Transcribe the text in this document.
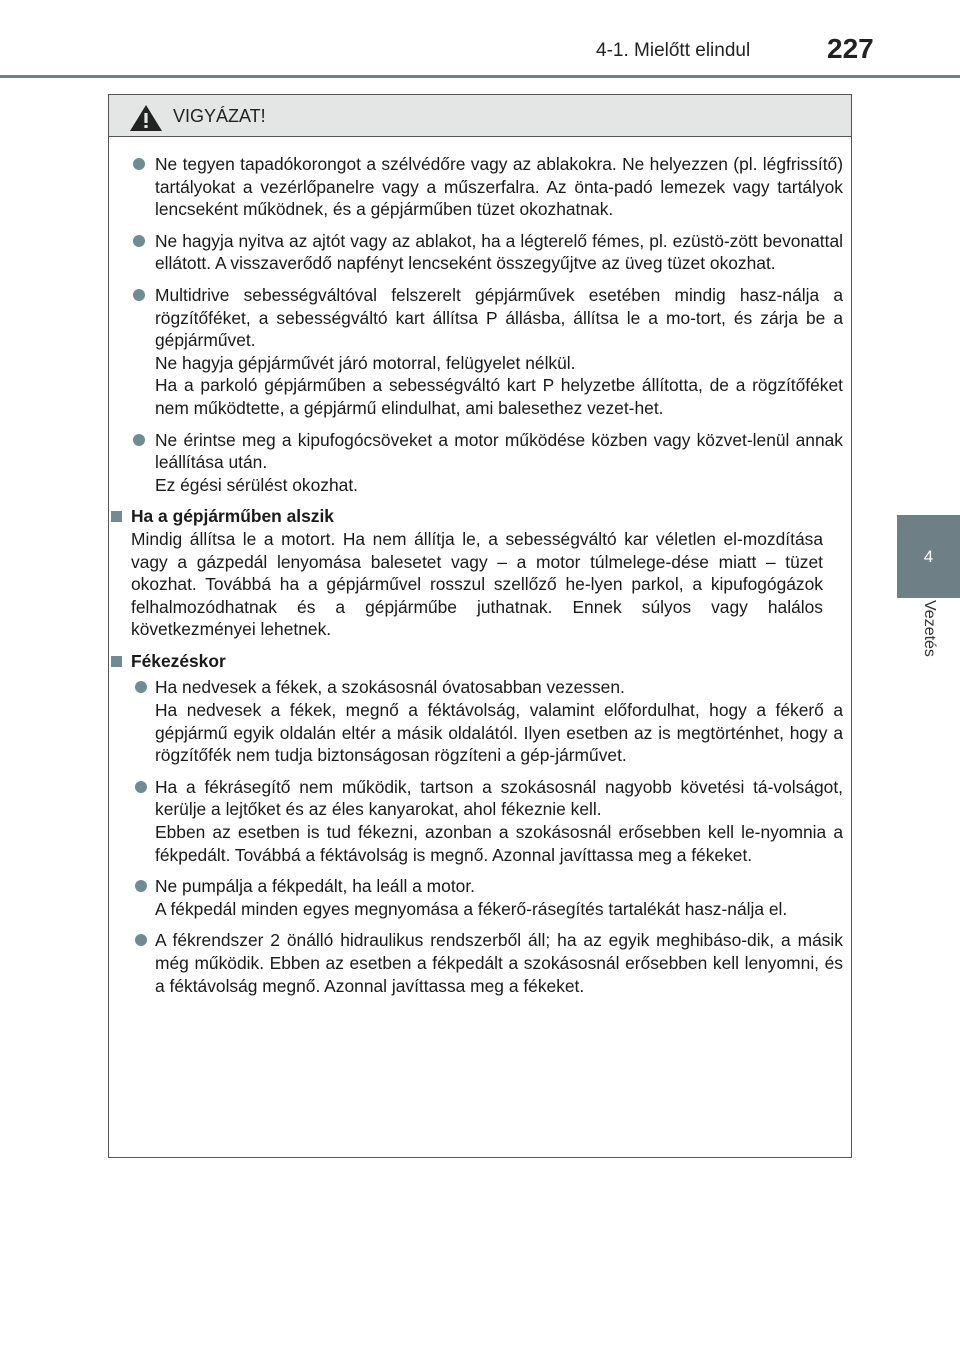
4-1. Mielőtt elindul	227
4
Vezetés
VIGYÁZAT!

Ne tegyen tapadókorongot a szélvédőre vagy az ablakokra. Ne helyezzen (pl. légfrissítő) tartályokat a vezérlőpanelre vagy a műszerfalra. Az önta-padó lemezek vagy tartályok lencseként működnek, és a gépjárműben tüzet okozhatnak.

Ne hagyja nyitva az ajtót vagy az ablakot, ha a légterelő fémes, pl. ezüstö-zött bevonattal ellátott. A visszaverődő napfényt lencseként összegyűjtve az üveg tüzet okozhat.

Multidrive sebességváltóval felszerelt gépjárművek esetében mindig hasz-nálja a rögzítőféket, a sebességváltó kart állítsa P állásba, állítsa le a mo-tort, és zárja be a gépjárművet.

Ne hagyja gépjárművét járó motorral, felügyelet nélkül.

Ha a parkoló gépjárműben a sebességváltó kart P helyzetbe állította, de a rögzítőféket nem működtette, a gépjármű elindulhat, ami balesethez vezet-het.

Ne érintse meg a kipufogócsöveket a motor működése közben vagy közvet-lenül annak leállítása után.

Ez égési sérülést okozhat.

Ha a gépjárműben alszik

Mindig állítsa le a motort. Ha nem állítja le, a sebességváltó kar véletlen el-mozdítása vagy a gázpedál lenyomása balesetet vagy – a motor túlmelege-dése miatt – tüzet okozhat. Továbbá ha a gépjárművel rosszul szellőző he-lyen parkol, a kipufogógázok felhalmozódhatnak és a gépjárműbe juthatnak. Ennek súlyos vagy halálos következményei lehetnek.

Fékezéskor

Ha nedvesek a fékek, a szokásosnál óvatosabban vezessen.

Ha nedvesek a fékek, megnő a féktávolság, valamint előfordulhat, hogy a fékerő a gépjármű egyik oldalán eltér a másik oldalától. Ilyen esetben az is megtörténhet, hogy a rögzítőfék nem tudja biztonságosan rögzíteni a gép-járművet.

Ha a fékrásegítő nem működik, tartson a szokásosnál nagyobb követési tá-volságot, kerülje a lejtőket és az éles kanyarokat, ahol fékeznie kell.

Ebben az esetben is tud fékezni, azonban a szokásosnál erősebben kell le-nyomnia a fékpedált. Továbbá a féktávolság is megnő. Azonnal javíttassa meg a fékeket.

Ne pumpálja a fékpedált, ha leáll a motor.

A fékpedál minden egyes megnyomása a fékerő-rásegítés tartalékát hasz-nálja el.

A fékrendszer 2 önálló hidraulikus rendszerből áll; ha az egyik meghibáso-dik, a másik még működik. Ebben az esetben a fékpedált a szokásosnál erősebben kell lenyomni, és a féktávolság megnő. Azonnal javíttassa meg a fékeket.
